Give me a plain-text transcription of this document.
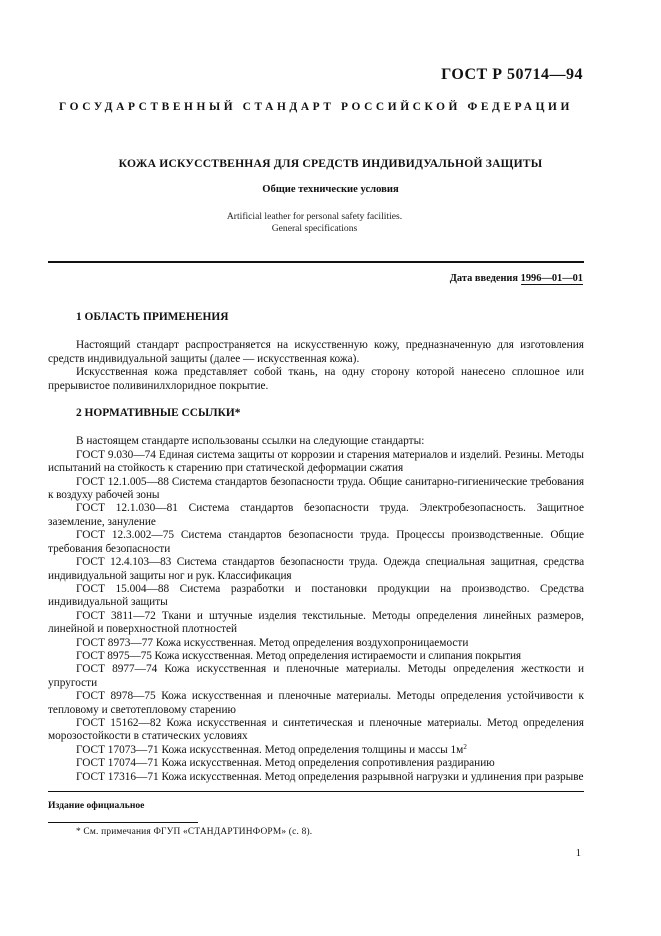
ГОСТ Р 50714—94
ГОСУДАРСТВЕННЫЙ СТАНДАРТ РОССИЙСКОЙ ФЕДЕРАЦИИ
КОЖА ИСКУССТВЕННАЯ ДЛЯ СРЕДСТВ ИНДИВИДУАЛЬНОЙ ЗАЩИТЫ
Общие технические условия
Artificial leather for personal safety facilities.
General specifications
Дата введения 1996—01—01
1 ОБЛАСТЬ ПРИМЕНЕНИЯ

Настоящий стандарт распространяется на искусственную кожу, предназначенную для изготовления средств индивидуальной защиты (далее — искусственная кожа).

Искусственная кожа представляет собой ткань, на одну сторону которой нанесено сплошное или прерывистое поливинилхлоридное покрытие.

2 НОРМАТИВНЫЕ ССЫЛКИ*

В настоящем стандарте использованы ссылки на следующие стандарты:

ГОСТ 9.030—74 Единая система защиты от коррозии и старения материалов и изделий. Резины. Методы испытаний на стойкость к старению при статической деформации сжатия

ГОСТ 12.1.005—88 Система стандартов безопасности труда. Общие санитарно-гигиенические требования к воздуху рабочей зоны

ГОСТ 12.1.030—81 Система стандартов безопасности труда. Электробезопасность. Защитное заземление, зануление

ГОСТ 12.3.002—75 Система стандартов безопасности труда. Процессы производственные. Общие требования безопасности

ГОСТ 12.4.103—83 Система стандартов безопасности труда. Одежда специальная защитная, средства индивидуальной защиты ног и рук. Классификация

ГОСТ 15.004—88 Система разработки и постановки продукции на производство. Средства индивидуальной защиты

ГОСТ 3811—72 Ткани и штучные изделия текстильные. Методы определения линейных размеров, линейной и поверхностной плотностей

ГОСТ 8973—77 Кожа искусственная. Метод определения воздухопроницаемости

ГОСТ 8975—75 Кожа искусственная. Метод определения истираемости и слипания покрытия

ГОСТ 8977—74 Кожа искусственная и пленочные материалы. Методы определения жесткости и упругости

ГОСТ 8978—75 Кожа искусственная и пленочные материалы. Методы определения устойчивости к тепловому и светотепловому старению

ГОСТ 15162—82 Кожа искусственная и синтетическая и пленочные материалы. Метод определения морозостойкости в статических условиях

ГОСТ 17073—71 Кожа искусственная. Метод определения толщины и массы $1м^2$

ГОСТ 17074—71 Кожа искусственная. Метод определения сопротивления раздиранию

ГОСТ 17316—71 Кожа искусственная. Метод определения разрывной нагрузки и удлинения при разрыве

Издание официальное
* См. примечания ФГУП «СТАНДАРТИНФОРМ» (с. 8).
1
